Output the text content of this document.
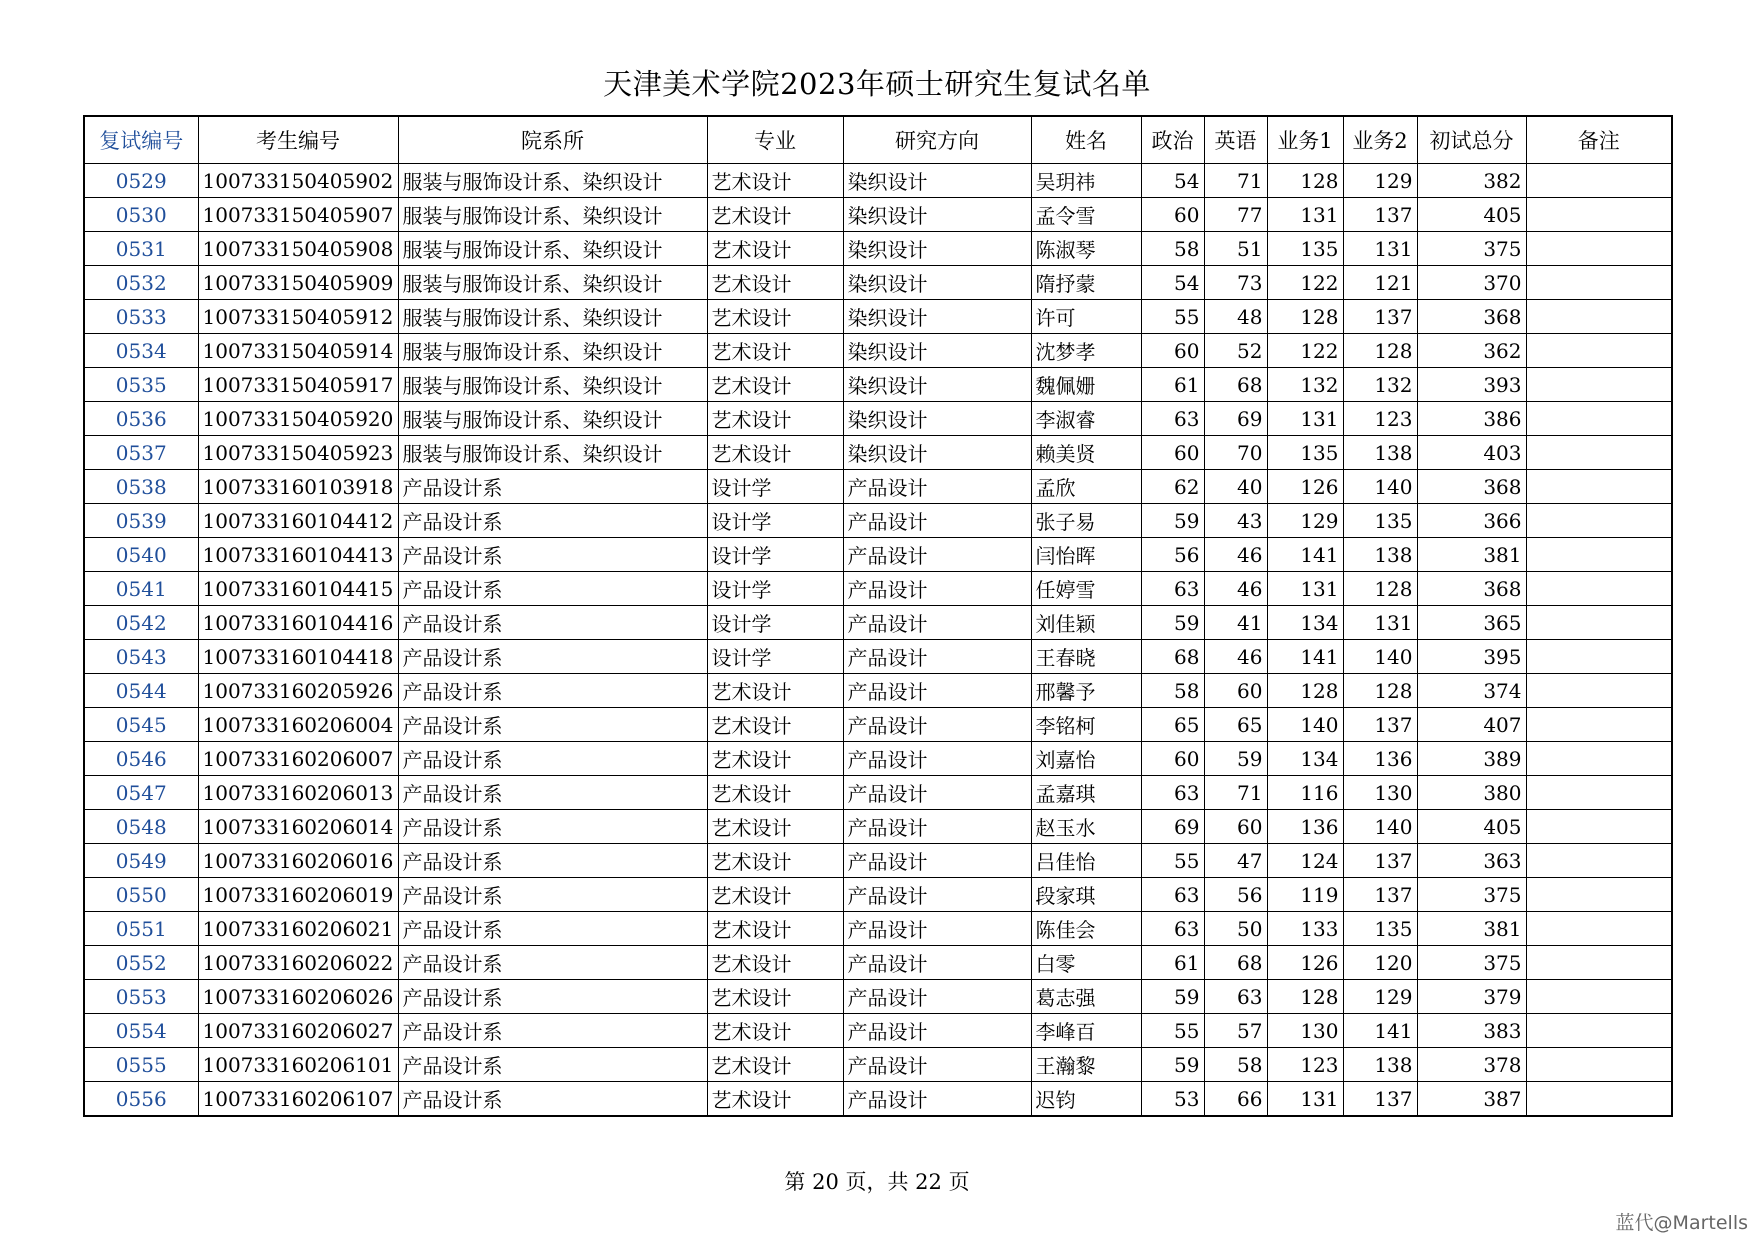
天津美术学院2023年硕士研究生复试名单
复试编号	考生编号	院系所	专业	研究方向	姓名	政治	英语	业务1	业务2	初试总分	备注
0529	100733150405902	服装与服饰设计系、染织设计	艺术设计	染织设计	吴玥祎	54	71	128	129	382	
0530	100733150405907	服装与服饰设计系、染织设计	艺术设计	染织设计	孟令雪	60	77	131	137	405	
0531	100733150405908	服装与服饰设计系、染织设计	艺术设计	染织设计	陈淑琴	58	51	135	131	375	
0532	100733150405909	服装与服饰设计系、染织设计	艺术设计	染织设计	隋抒蒙	54	73	122	121	370	
0533	100733150405912	服装与服饰设计系、染织设计	艺术设计	染织设计	许可	55	48	128	137	368	
0534	100733150405914	服装与服饰设计系、染织设计	艺术设计	染织设计	沈梦孝	60	52	122	128	362	
0535	100733150405917	服装与服饰设计系、染织设计	艺术设计	染织设计	魏佩姗	61	68	132	132	393	
0536	100733150405920	服装与服饰设计系、染织设计	艺术设计	染织设计	李淑睿	63	69	131	123	386	
0537	100733150405923	服装与服饰设计系、染织设计	艺术设计	染织设计	赖美贤	60	70	135	138	403	
0538	100733160103918	产品设计系	设计学	产品设计	孟欣	62	40	126	140	368	
0539	100733160104412	产品设计系	设计学	产品设计	张子易	59	43	129	135	366	
0540	100733160104413	产品设计系	设计学	产品设计	闫怡晖	56	46	141	138	381	
0541	100733160104415	产品设计系	设计学	产品设计	任婷雪	63	46	131	128	368	
0542	100733160104416	产品设计系	设计学	产品设计	刘佳颖	59	41	134	131	365	
0543	100733160104418	产品设计系	设计学	产品设计	王春晓	68	46	141	140	395	
0544	100733160205926	产品设计系	艺术设计	产品设计	邢馨予	58	60	128	128	374	
0545	100733160206004	产品设计系	艺术设计	产品设计	李铭柯	65	65	140	137	407	
0546	100733160206007	产品设计系	艺术设计	产品设计	刘嘉怡	60	59	134	136	389	
0547	100733160206013	产品设计系	艺术设计	产品设计	孟嘉琪	63	71	116	130	380	
0548	100733160206014	产品设计系	艺术设计	产品设计	赵玉水	69	60	136	140	405	
0549	100733160206016	产品设计系	艺术设计	产品设计	吕佳怡	55	47	124	137	363	
0550	100733160206019	产品设计系	艺术设计	产品设计	段家琪	63	56	119	137	375	
0551	100733160206021	产品设计系	艺术设计	产品设计	陈佳会	63	50	133	135	381	
0552	100733160206022	产品设计系	艺术设计	产品设计	白零	61	68	126	120	375	
0553	100733160206026	产品设计系	艺术设计	产品设计	葛志强	59	63	128	129	379	
0554	100733160206027	产品设计系	艺术设计	产品设计	李峰百	55	57	130	141	383	
0555	100733160206101	产品设计系	艺术设计	产品设计	王瀚黎	59	58	123	138	378	
0556	100733160206107	产品设计系	艺术设计	产品设计	迟钧	53	66	131	137	387	
第 20 页，共 22 页
蓝代@Martells
